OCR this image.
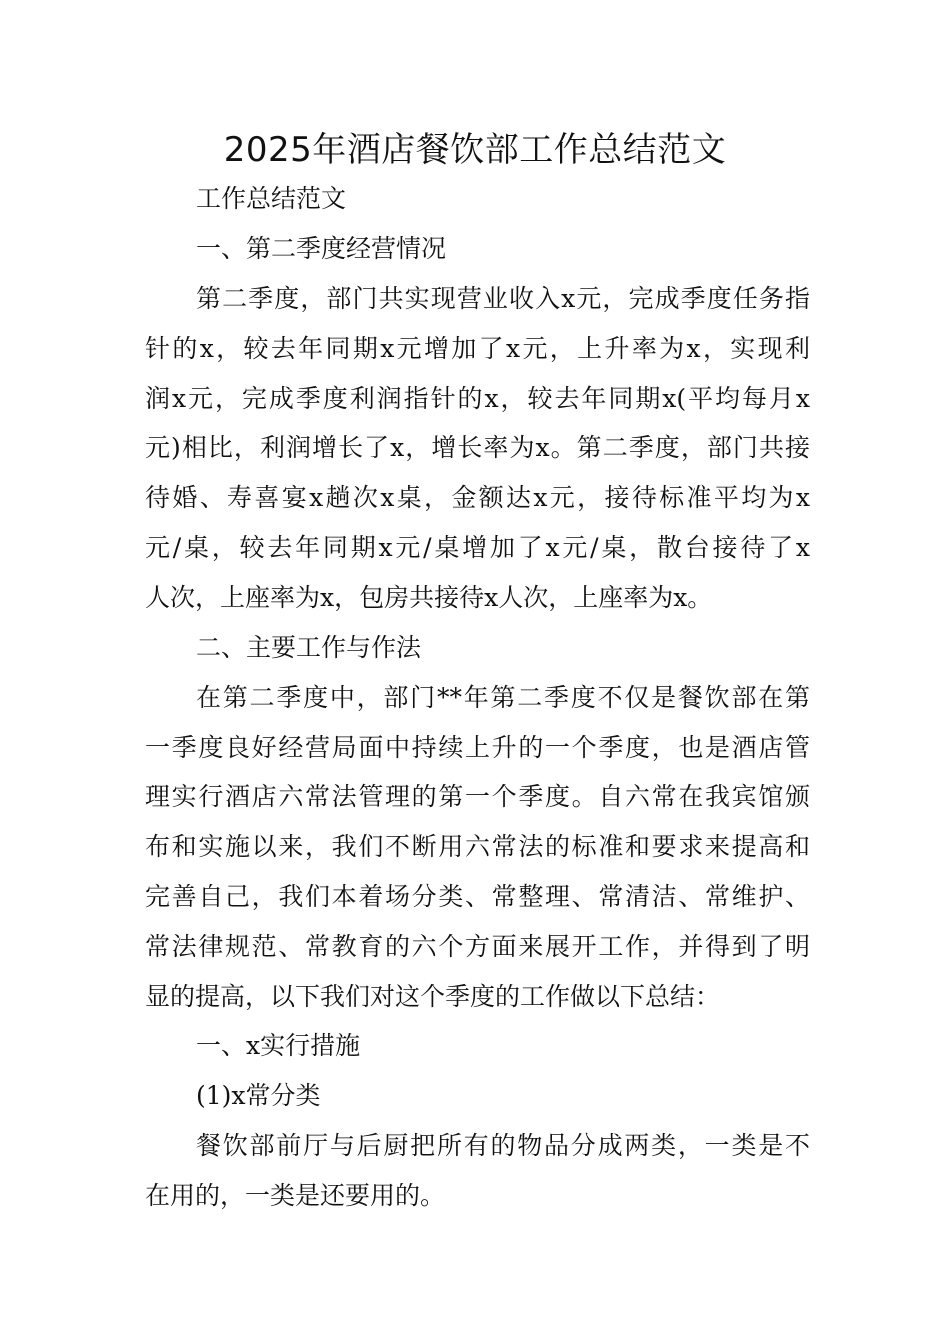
2025年酒店餐饮部工作总结范文

工作总结范文

一、第二季度经营情况

第二季度，部门共实现营业收入x元，完成季度任务指

针的x，较去年同期x元增加了x元，上升率为x，实现利

润x元，完成季度利润指针的x，较去年同期x(平均每月x

元)相比，利润增长了x，增长率为x。第二季度，部门共接

待婚、寿喜宴x趟次x桌，金额达x元，接待标准平均为x

元/桌，较去年同期x元/桌增加了x元/桌，散台接待了x

人次，上座率为x，包房共接待x人次，上座率为x。

二、主要工作与作法

在第二季度中，部门**年第二季度不仅是餐饮部在第

一季度良好经营局面中持续上升的一个季度，也是酒店管

理实行酒店六常法管理的第一个季度。自六常在我宾馆颁

布和实施以来，我们不断用六常法的标准和要求来提高和

完善自己，我们本着场分类、常整理、常清洁、常维护、

常法律规范、常教育的六个方面来展开工作，并得到了明

显的提高，以下我们对这个季度的工作做以下总结：

一、x实行措施

(1)x常分类

餐饮部前厅与后厨把所有的物品分成两类，一类是不

在用的，一类是还要用的。
